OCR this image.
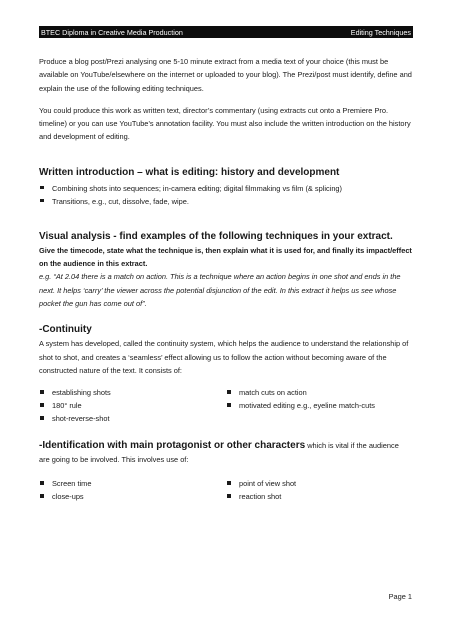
BTEC Diploma in Creative Media Production	Editing Techniques

Produce a blog post/Prezi analysing one 5-10 minute extract from a media text of your choice (this must be available on YouTube/elsewhere on the internet or uploaded to your blog). The Prezi/post must identify, define and explain the use of the following editing techniques.

You could produce this work as written text, director’s commentary (using extracts cut onto a Premiere Pro. timeline) or you can use YouTube’s annotation facility. You must also include the written introduction on the history and development of editing.

Written introduction – what is editing: history and development
Combining shots into sequences; in-camera editing; digital filmmaking vs film (& splicing)
Transitions, e.g., cut, dissolve, fade, wipe.
Visual analysis - find examples of the following techniques in your extract.

Give the timecode, state what the technique is, then explain what it is used for, and finally its impact/effect on the audience in this extract.

e.g. “At 2.04 there is a match on action. This is a technique where an action begins in one shot and ends in the next. It helps ‘carry’ the viewer across the potential disjunction of the edit. In this extract it helps us see whose pocket the gun has come out of”.

-Continuity

A system has developed, called the continuity system, which helps the audience to understand the relationship of shot to shot, and creates a ‘seamless’ effect allowing us to follow the action without becoming aware of the constructed nature of the text. It consists of:

establishing shots
180° rule
shot-reverse-shot
match cuts on action
motivated editing e.g., eyeline match-cuts

-Identification with main protagonist or other characters which is vital if the audience

are going to be involved. This involves use of:

Screen time
close-ups
point of view shot
reaction shot
Page 1
